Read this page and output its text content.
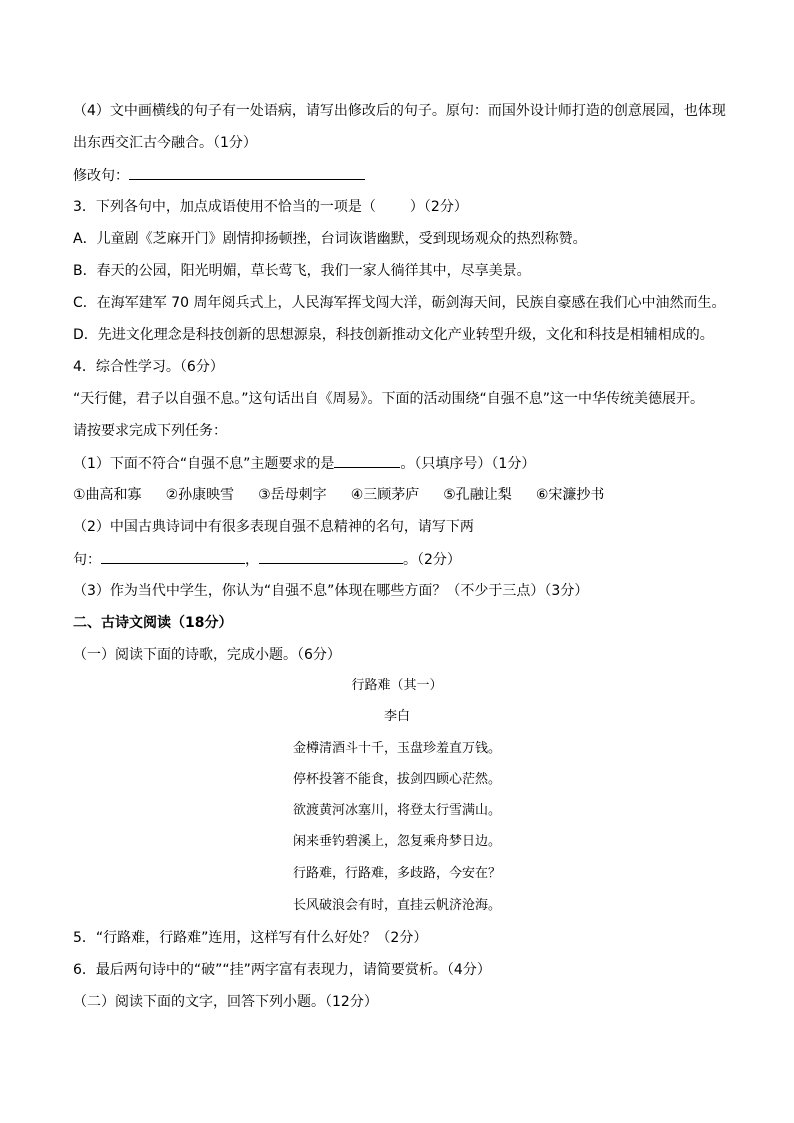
（4）文中画横线的句子有一处语病，请写出修改后的句子。原句：而国外设计师打造的创意展园，也体现
出东西交汇古今融合。（1分）
修改句：
3．下列各句中，加点成语使用不恰当的一项是（ ）（2分）
A．儿童剧《芝麻开门》剧情抑扬顿挫，台词诙谐幽默，受到现场观众的热烈称赞。
B．春天的公园，阳光明媚，草长莺飞，我们一家人徜徉其中，尽享美景。
C．在海军建军 70 周年阅兵式上，人民海军挥戈闯大洋，砺剑海天间，民族自豪感在我们心中油然而生。
D．先进文化理念是科技创新的思想源泉，科技创新推动文化产业转型升级，文化和科技是相辅相成的。
4．综合性学习。（6分）
“天行健，君子以自强不息。”这句话出自《周易》。下面的活动围绕“自强不息”这一中华传统美德展开。
请按要求完成下列任务：
（1）下面不符合“自强不息”主题要求的是	。（只填序号）（1分）
①曲高和寡 ②孙康映雪 ③岳母刺字 ④三顾茅庐 ⑤孔融让梨 ⑥宋濂抄书
（2）中国古典诗词中有很多表现自强不息精神的名句，请写下两
句：	，	。（2分）
（3）作为当代中学生，你认为“自强不息”体现在哪些方面？（不少于三点）（3分）
二、古诗文阅读（18分）
（一）阅读下面的诗歌，完成小题。（6分）
行路难（其一）
李白
金樽清酒斗十千，玉盘珍羞直万钱。
停杯投箸不能食，拔剑四顾心茫然。
欲渡黄河冰塞川，将登太行雪满山。
闲来垂钓碧溪上，忽复乘舟梦日边。
行路难，行路难，多歧路，今安在？
长风破浪会有时，直挂云帆济沧海。
5．“行路难，行路难”连用，这样写有什么好处？（2分）
6．最后两句诗中的“破”“挂”两字富有表现力，请简要赏析。（4分）
（二）阅读下面的文字，回答下列小题。（12分）
